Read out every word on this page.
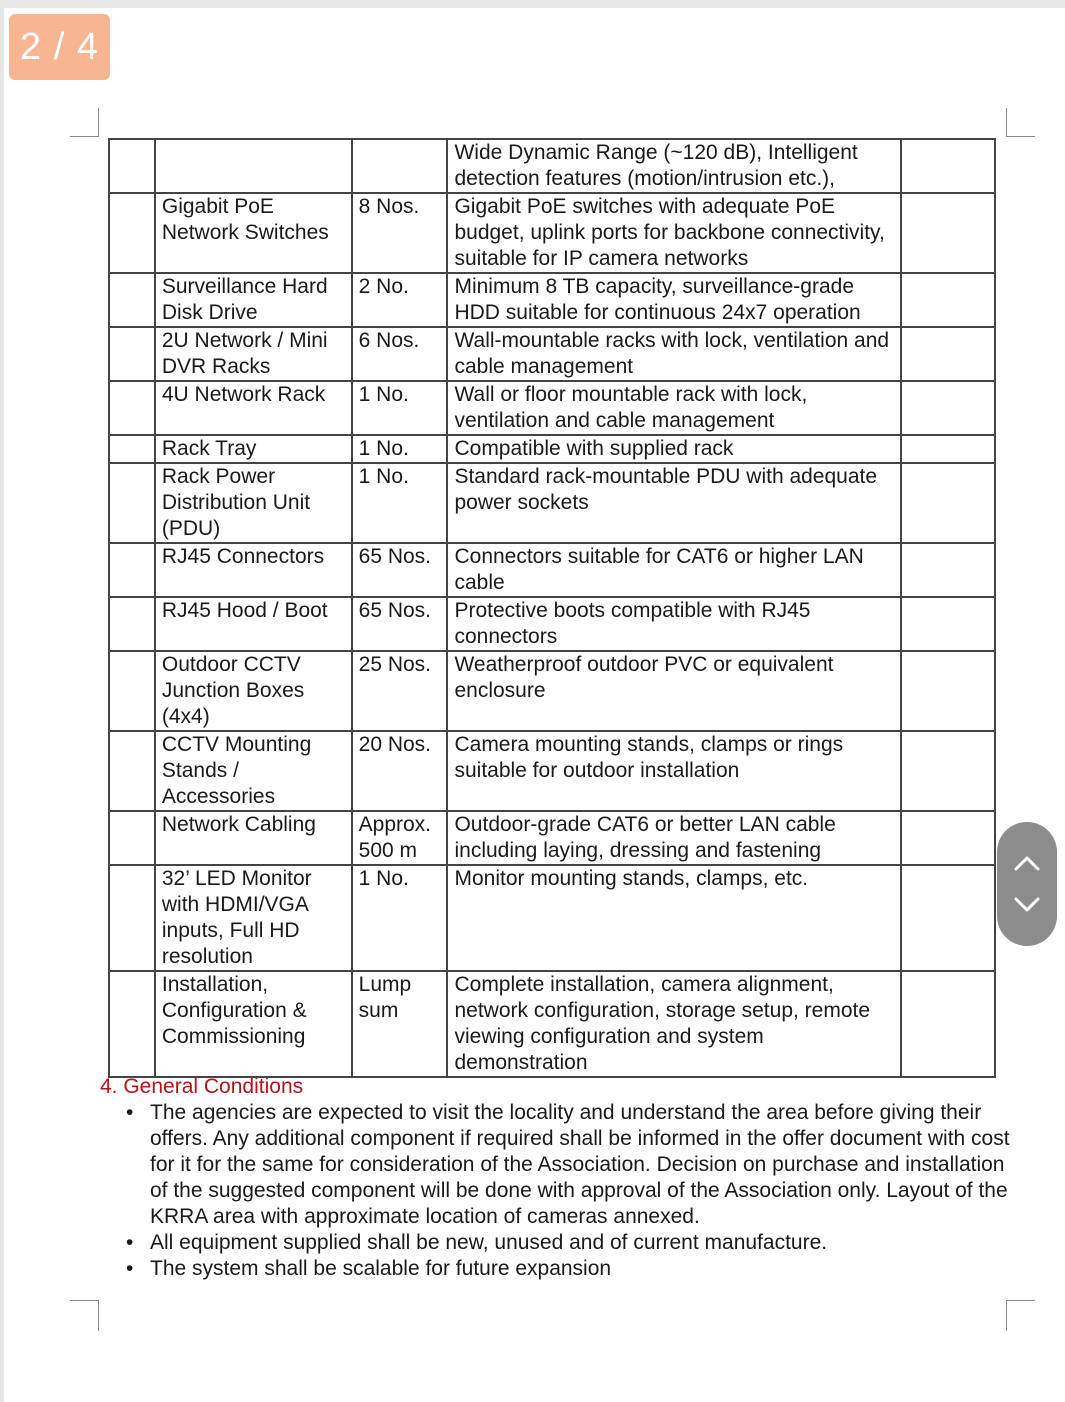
2 / 4
			Wide Dynamic Range (~120 dB), Intelligent detection features (motion/intrusion etc.),	
	Gigabit PoE Network Switches	8 Nos.	Gigabit PoE switches with adequate PoE budget, uplink ports for backbone connectivity, suitable for IP camera networks	
	Surveillance Hard Disk Drive	2 No.	Minimum 8 TB capacity, surveillance-grade HDD suitable for continuous 24x7 operation	
	2U Network / Mini DVR Racks	6 Nos.	Wall-mountable racks with lock, ventilation and cable management	
	4U Network Rack	1 No.	Wall or floor mountable rack with lock, ventilation and cable management	
	Rack Tray	1 No.	Compatible with supplied rack	
	Rack Power Distribution Unit (PDU)	1 No.	Standard rack-mountable PDU with adequate power sockets	
	RJ45 Connectors	65 Nos.	Connectors suitable for CAT6 or higher LAN cable	
	RJ45 Hood / Boot	65 Nos.	Protective boots compatible with RJ45 connectors	
	Outdoor CCTV Junction Boxes (4x4)	25 Nos.	Weatherproof outdoor PVC or equivalent enclosure	
	CCTV Mounting Stands / Accessories	20 Nos.	Camera mounting stands, clamps or rings suitable for outdoor installation	
	Network Cabling	Approx. 500 m	Outdoor-grade CAT6 or better LAN cable including laying, dressing and fastening	
	32’ LED Monitor with HDMI/VGA inputs, Full HD resolution	1 No.	Monitor mounting stands, clamps, etc.	
	Installation, Configuration & Commissioning	Lump sum	Complete installation, camera alignment, network configuration, storage setup, remote viewing configuration and system demonstration	
4. General Conditions
• The agencies are expected to visit the locality and understand the area before giving their offers. Any additional component if required shall be informed in the offer document with cost for it for the same for consideration of the Association. Decision on purchase and installation of the suggested component will be done with approval of the Association only. Layout of the KRRA area with approximate location of cameras annexed.
• All equipment supplied shall be new, unused and of current manufacture.
• The system shall be scalable for future expansion
